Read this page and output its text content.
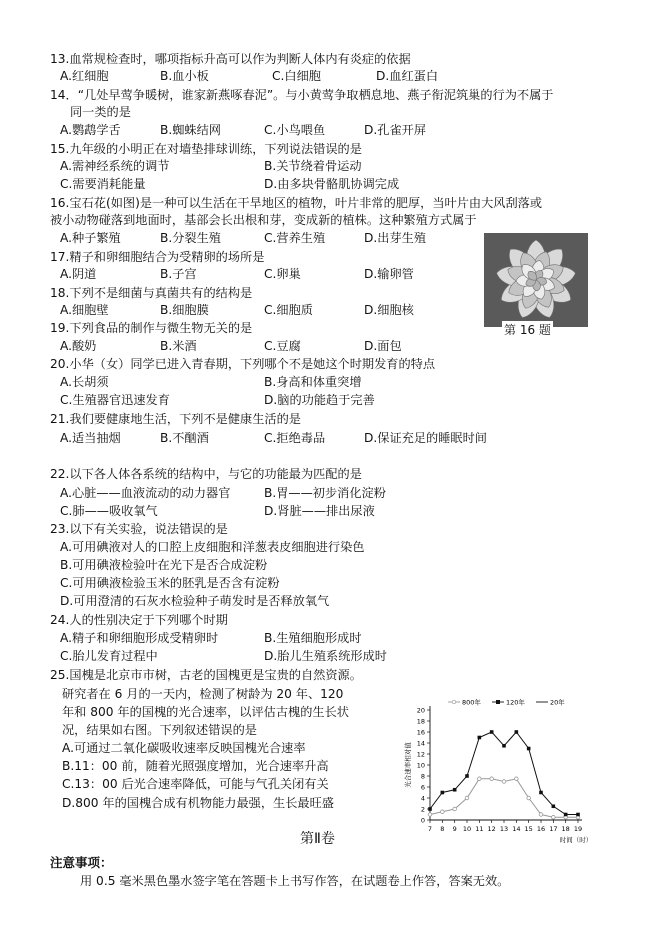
13.血常规检查时，哪项指标升高可以作为判断人体内有炎症的依据
A.红细胞	B.血小板	C.白细胞	D.血红蛋白
14．“几处早莺争暖树，谁家新燕啄春泥”。与小黄莺争取栖息地、燕子衔泥筑巢的行为不属于
同一类的是
A.鹦鹉学舌	B.蜘蛛结网	C.小鸟喂鱼	D.孔雀开屏
15.九年级的小明正在对墙垫排球训练，下列说法错误的是
A.需神经系统的调节	B.关节绕着骨运动
C.需要消耗能量	D.由多块骨骼肌协调完成
16.宝石花(如图)是一种可以生活在干旱地区的植物，叶片非常的肥厚，当叶片由大风刮落或
被小动物碰落到地面时，基部会长出根和芽，变成新的植株。这种繁殖方式属于
A.种子繁殖	B.分裂生殖	C.营养生殖	D.出芽生殖
17.精子和卵细胞结合为受精卵的场所是
A.阴道	B.子宫	C.卵巢	D.输卵管
18.下列不是细菌与真菌共有的结构是
A.细胞壁	B.细胞膜	C.细胞质	D.细胞核
19.下列食品的制作与微生物无关的是
A.酸奶	B.米酒	C.豆腐	D.面包
20.小华（女）同学已进入青春期，下列哪个不是她这个时期发育的特点
A.长胡须	B.身高和体重突增
C.生殖器官迅速发育	D.脑的功能趋于完善
21.我们要健康地生活，下列不是健康生活的是
A.适当抽烟	B.不酗酒	C.拒绝毒品	D.保证充足的睡眠时间
22.以下各人体各系统的结构中，与它的功能最为匹配的是
A.心脏——血液流动的动力器官	B.胃——初步消化淀粉
C.肺——吸收氧气	D.肾脏——排出尿液
23.以下有关实验，说法错误的是
A.可用碘液对人的口腔上皮细胞和洋葱表皮细胞进行染色
B.可用碘液检验叶在光下是否合成淀粉
C.可用碘液检验玉米的胚乳是否含有淀粉
D.可用澄清的石灰水检验种子萌发时是否释放氧气
24.人的性别决定于下列哪个时期
A.精子和卵细胞形成受精卵时	B.生殖细胞形成时
C.胎儿发育过程中	D.胎儿生殖系统形成时
25.国槐是北京市市树，古老的国槐更是宝贵的自然资源。
研究者在 6 月的一天内，检测了树龄为 20 年、120
年和 800 年的国槐的光合速率，以评估古槐的生长状
况，结果如右图。下列叙述错误的是
A.可通过二氧化碳吸收速率反映国槐光合速率
B.11：00 前，随着光照强度增加，光合速率升高
C.13：00 后光合速率降低，可能与气孔关闭有关
D.800 年的国槐合成有机物能力最强，生长最旺盛
第 16 题
0
2
4
6
8
10
12
14
16
18
20
7 8 9 10 11 12 13 14 15 16 17 18 19
时间（时）
光合速率相对值
800年	120年	20年
第Ⅱ卷
注意事项：
用 0.5 毫米黑色墨水签字笔在答题卡上书写作答，在试题卷上作答，答案无效。
